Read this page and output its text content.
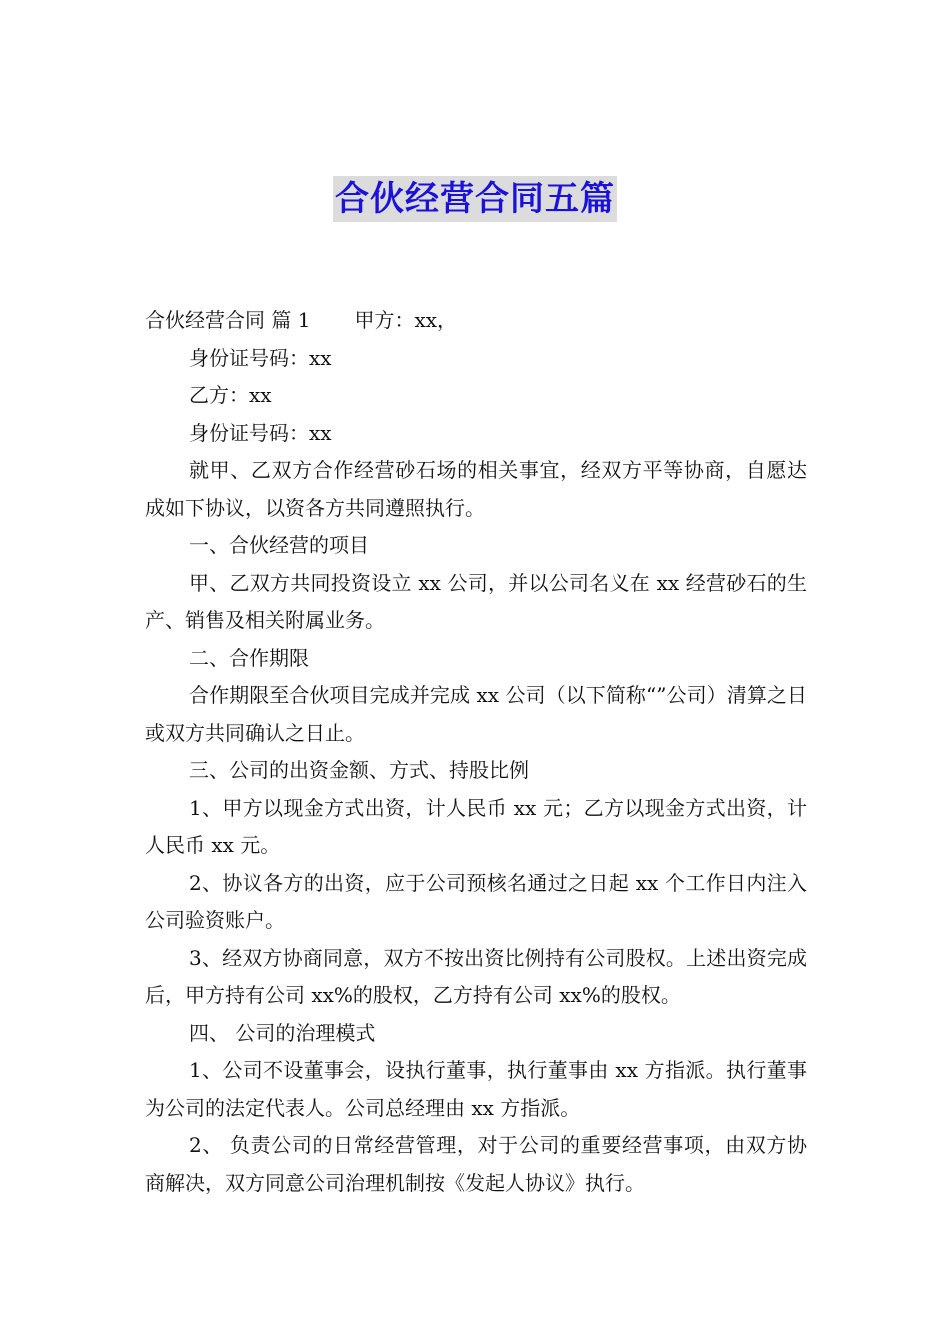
合伙经营合同五篇

合伙经营合同 篇 1 甲方：xx，

身份证号码：xx

乙方：xx

身份证号码：xx

就甲、乙双方合作经营砂石场的相关事宜，经双方平等协商，自愿达成如下协议，以资各方共同遵照执行。

一、合伙经营的项目

甲、乙双方共同投资设立 xx 公司，并以公司名义在 xx 经营砂石的生产、销售及相关附属业务。

二、合作期限

合作期限至合伙项目完成并完成 xx 公司（以下简称“”公司）清算之日或双方共同确认之日止。

三、公司的出资金额、方式、持股比例

1、甲方以现金方式出资，计人民币 xx 元；乙方以现金方式出资，计人民币 xx 元。

2、协议各方的出资，应于公司预核名通过之日起 xx 个工作日内注入公司验资账户。

3、经双方协商同意，双方不按出资比例持有公司股权。上述出资完成后，甲方持有公司 xx%的股权，乙方持有公司 xx%的股权。

四、 公司的治理模式

1、公司不设董事会，设执行董事，执行董事由 xx 方指派。执行董事为公司的法定代表人。公司总经理由 xx 方指派。

2、 负责公司的日常经营管理，对于公司的重要经营事项，由双方协商解决，双方同意公司治理机制按《发起人协议》执行。
